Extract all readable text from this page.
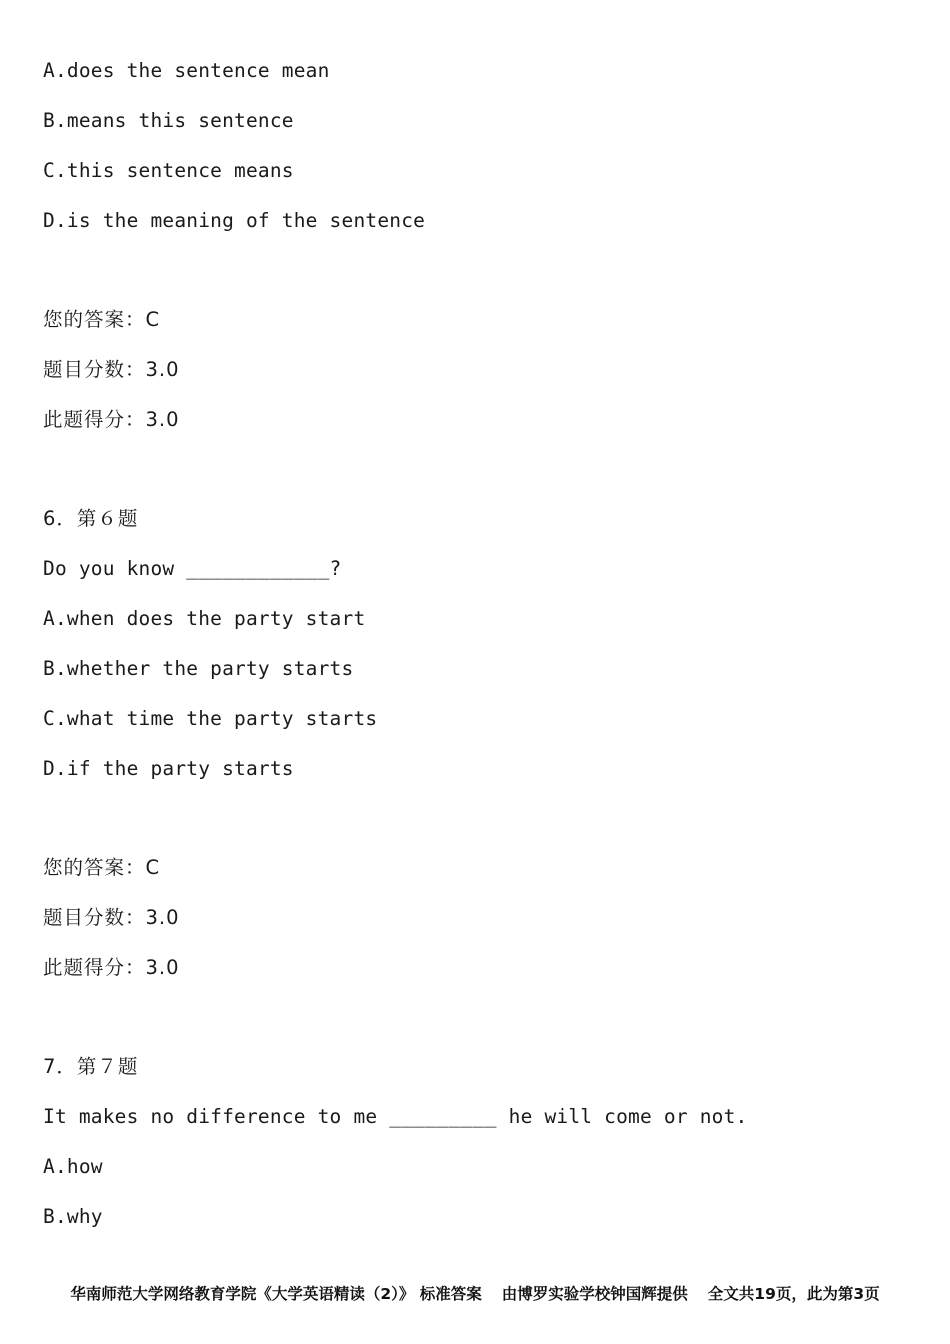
A.does the sentence mean
B.means this sentence
C.this sentence means
D.is the meaning of the sentence
您的答案：C
题目分数：3.0
此题得分：3.0
6．第６题
Do you know ____________?
A.when does the party start
B.whether the party starts
C.what time the party starts
D.if the party starts
您的答案：C
题目分数：3.0
此题得分：3.0
7．第７题
It makes no difference to me _________ he will come or not.
A.how
B.why
华南师范大学网络教育学院《大学英语精读（2）》 标准答案 由博罗实验学校钟国辉提供 全文共19页，此为第3页
